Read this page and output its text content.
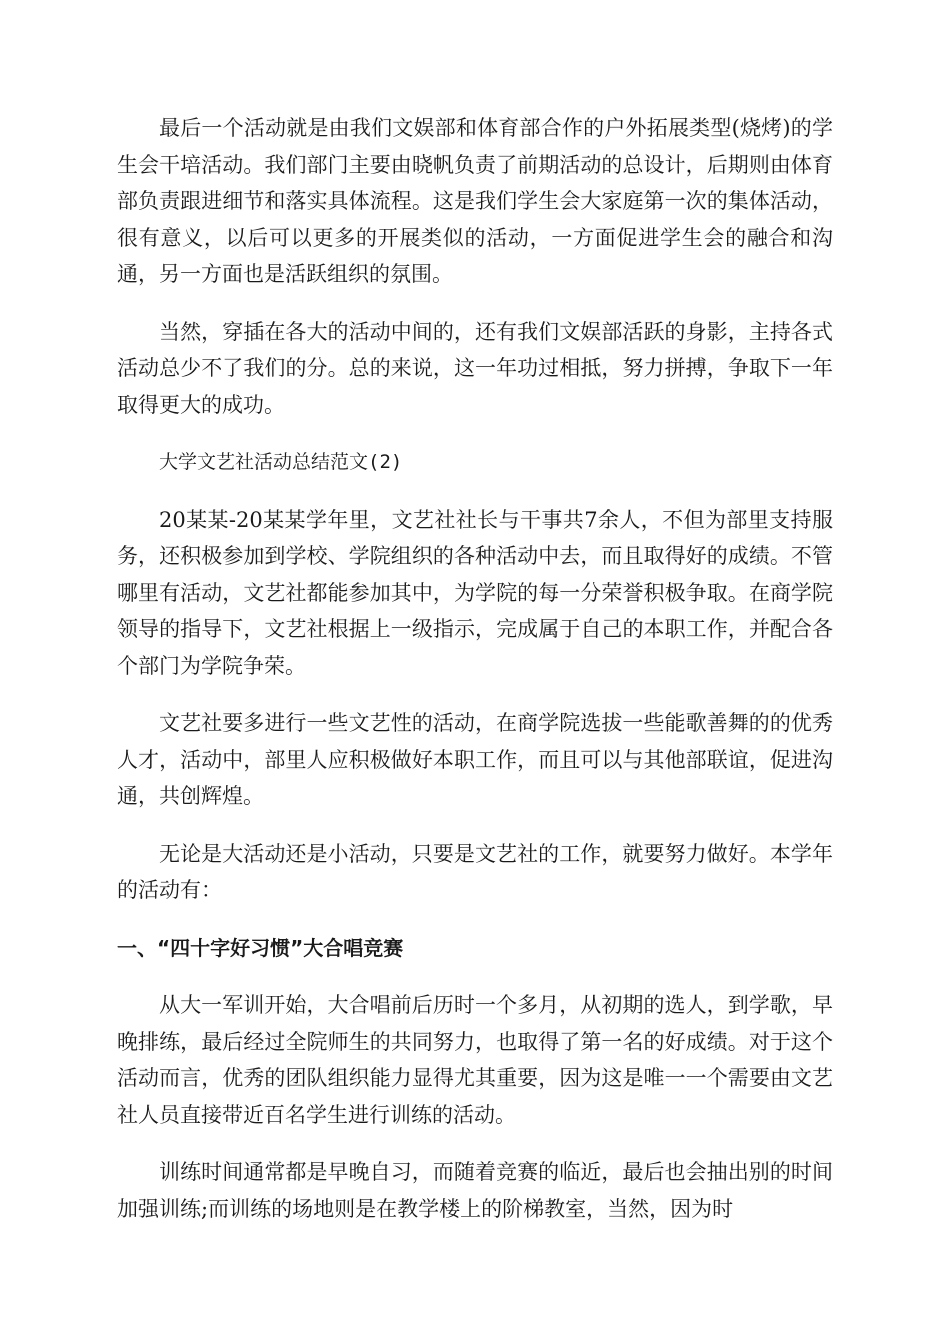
最后一个活动就是由我们文娱部和体育部合作的户外拓展类型(烧烤)的学生会干培活动。我们部门主要由晓帆负责了前期活动的总设计，后期则由体育部负责跟进细节和落实具体流程。这是我们学生会大家庭第一次的集体活动，很有意义，以后可以更多的开展类似的活动，一方面促进学生会的融合和沟通，另一方面也是活跃组织的氛围。

当然，穿插在各大的活动中间的，还有我们文娱部活跃的身影，主持各式活动总少不了我们的分。总的来说，这一年功过相抵，努力拼搏，争取下一年取得更大的成功。

大学文艺社活动总结范文(2)

20某某-20某某学年里，文艺社社长与干事共7余人，不但为部里支持服务，还积极参加到学校、学院组织的各种活动中去，而且取得好的成绩。不管哪里有活动，文艺社都能参加其中，为学院的每一分荣誉积极争取。在商学院领导的指导下，文艺社根据上一级指示，完成属于自己的本职工作，并配合各个部门为学院争荣。

文艺社要多进行一些文艺性的活动，在商学院选拔一些能歌善舞的的优秀人才，活动中，部里人应积极做好本职工作，而且可以与其他部联谊，促进沟通，共创辉煌。

无论是大活动还是小活动，只要是文艺社的工作，就要努力做好。本学年的活动有：

一、“四十字好习惯”大合唱竞赛

从大一军训开始，大合唱前后历时一个多月，从初期的选人，到学歌，早晚排练，最后经过全院师生的共同努力，也取得了第一名的好成绩。对于这个活动而言，优秀的团队组织能力显得尤其重要，因为这是唯一一个需要由文艺社人员直接带近百名学生进行训练的活动。

训练时间通常都是早晚自习，而随着竞赛的临近，最后也会抽出别的时间加强训练;而训练的场地则是在教学楼上的阶梯教室，当然，因为时
